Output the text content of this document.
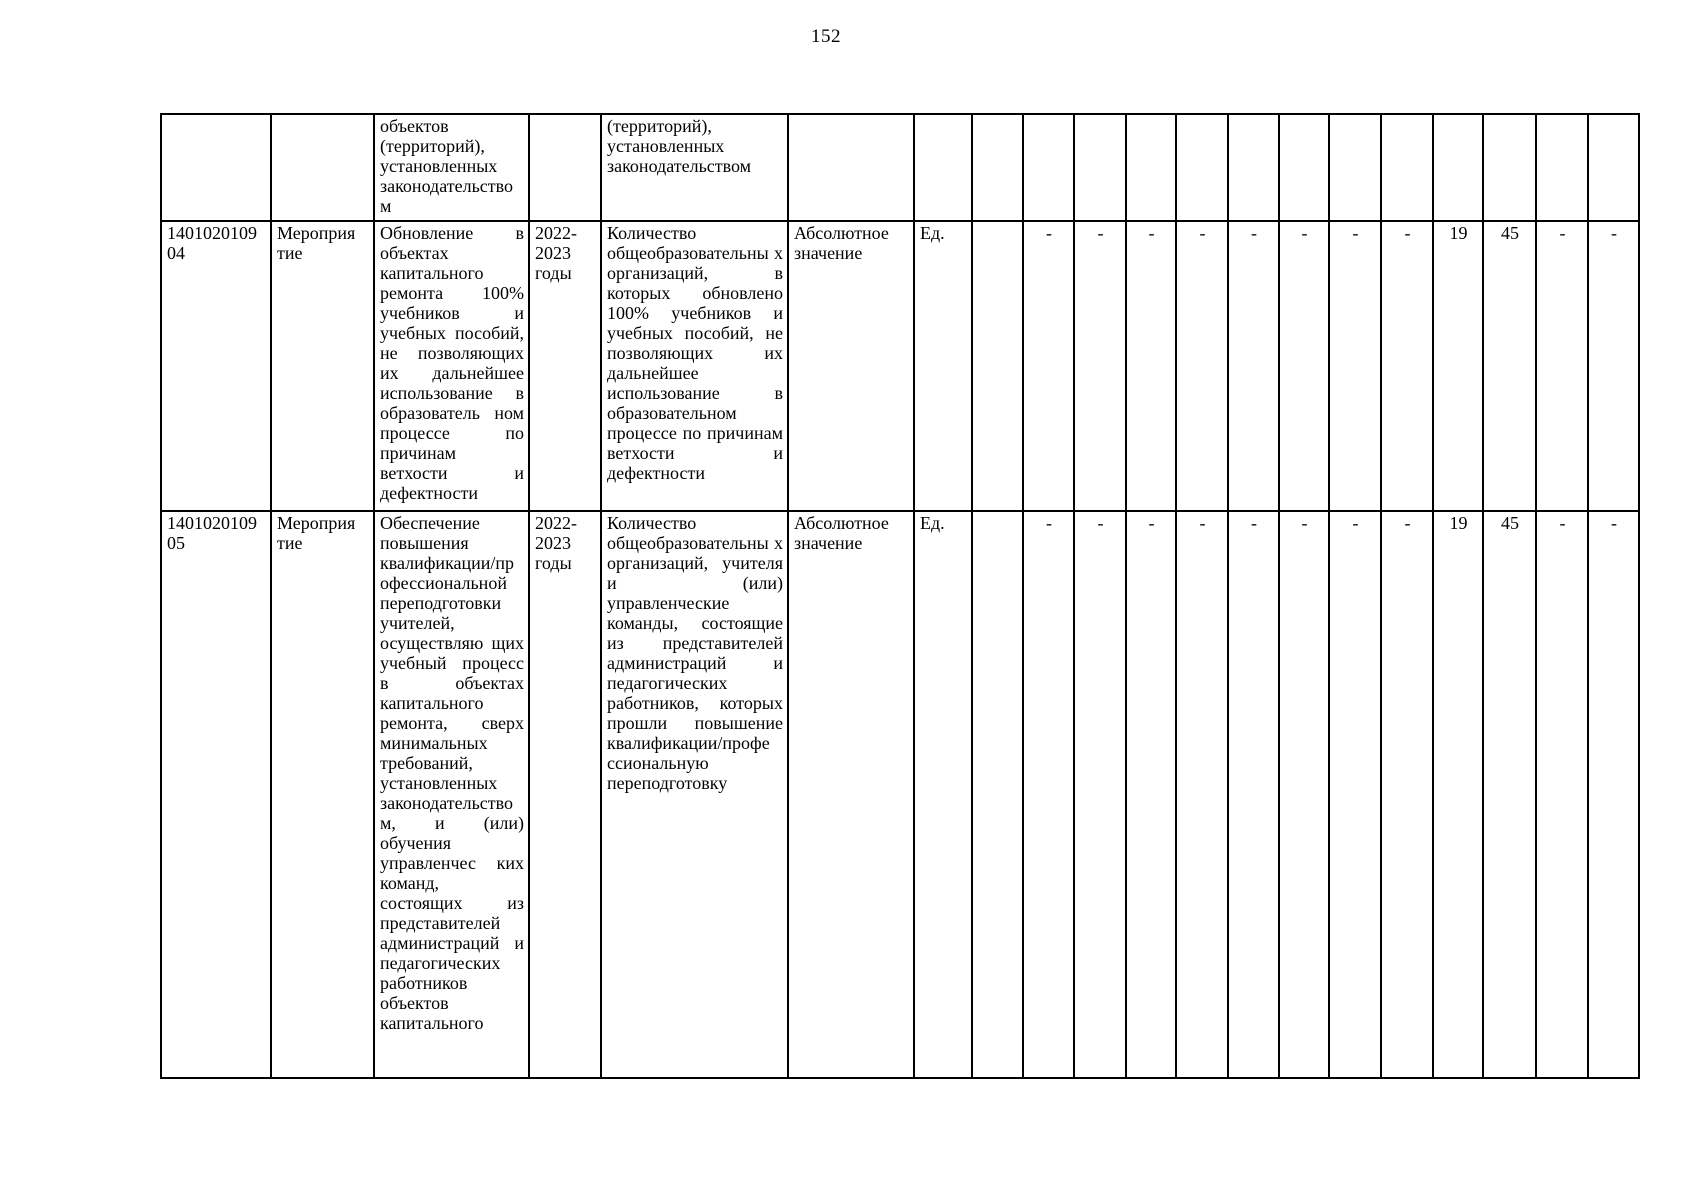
152
		объектов (территорий), установленных законодательство м		(территорий), установленных законодательством															
1401020109 04	Мероприя тие	Обновление в объектах капитального ремонта 100% учебников и учебных пособий, не позволяющих их дальнейшее использование в образователь ном процессе по причинам ветхости и дефектности	2022-2023 годы	Количество общеобразовательны х организаций, в которых обновлено 100% учебников и учебных пособий, не позволяющих их дальнейшее использование в образовательном процессе по причинам ветхости и дефектности	Абсолютное значение	Ед.		-	-	-	-	-	-	-	-	19	45	-	-
1401020109 05	Мероприя тие	Обеспечение повышения квалификации/пр офессиональной переподготовки учителей, осуществляю щих учебный процесс в объектах капитального ремонта, сверх минимальных требований, установленных законодательство м, и (или) обучения управленчес ких команд, состоящих из представителей администраций и педагогических работников объектов капитального	2022-2023 годы	Количество общеобразовательны х организаций, учителя и (или) управленческие команды, состоящие из представителей администраций и педагогических работников, которых прошли повышение квалификации/профе ссиональную переподготовку	Абсолютное значение	Ед.		-	-	-	-	-	-	-	-	19	45	-	-
